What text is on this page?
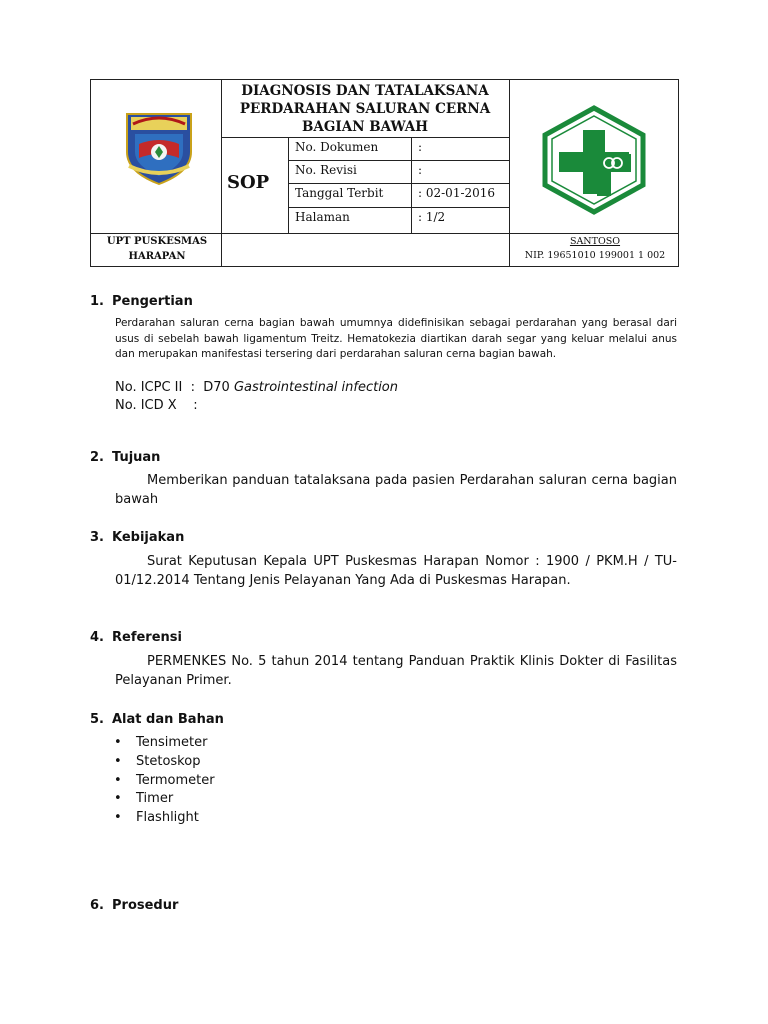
DIAGNOSIS DAN TATALAKSANA
PERDARAHAN SALURAN CERNA
BAGIAN BAWAH
SOP
No. Dokumen	:
No. Revisi	:
Tanggal Terbit	: 02-01-2016
Halaman	: 1/2
UPT PUSKESMAS
HARAPAN
SANTOSO
NIP. 19651010 199001 1 002
1. Pengertian
Perdarahan saluran cerna bagian bawah umumnya didefinisikan sebagai perdarahan yang berasal dari usus di sebelah bawah ligamentum Treitz. Hematokezia diartikan darah segar yang keluar melalui anus dan merupakan manifestasi tersering dari perdarahan saluran cerna bagian bawah.
No. ICPC II  :  D70 Gastrointestinal infection
No. ICD X    :
2. Tujuan
Memberikan panduan tatalaksana pada pasien Perdarahan saluran cerna bagian bawah
3. Kebijakan
Surat Keputusan Kepala UPT Puskesmas Harapan Nomor : 1900 / PKM.H / TU-01/12.2014 Tentang Jenis Pelayanan Yang Ada di Puskesmas Harapan.
4. Referensi
PERMENKES No. 5 tahun 2014 tentang Panduan Praktik Klinis Dokter di Fasilitas Pelayanan Primer.
5. Alat dan Bahan
• Tensimeter
• Stetoskop
• Termometer
• Timer
• Flashlight
6. Prosedur
